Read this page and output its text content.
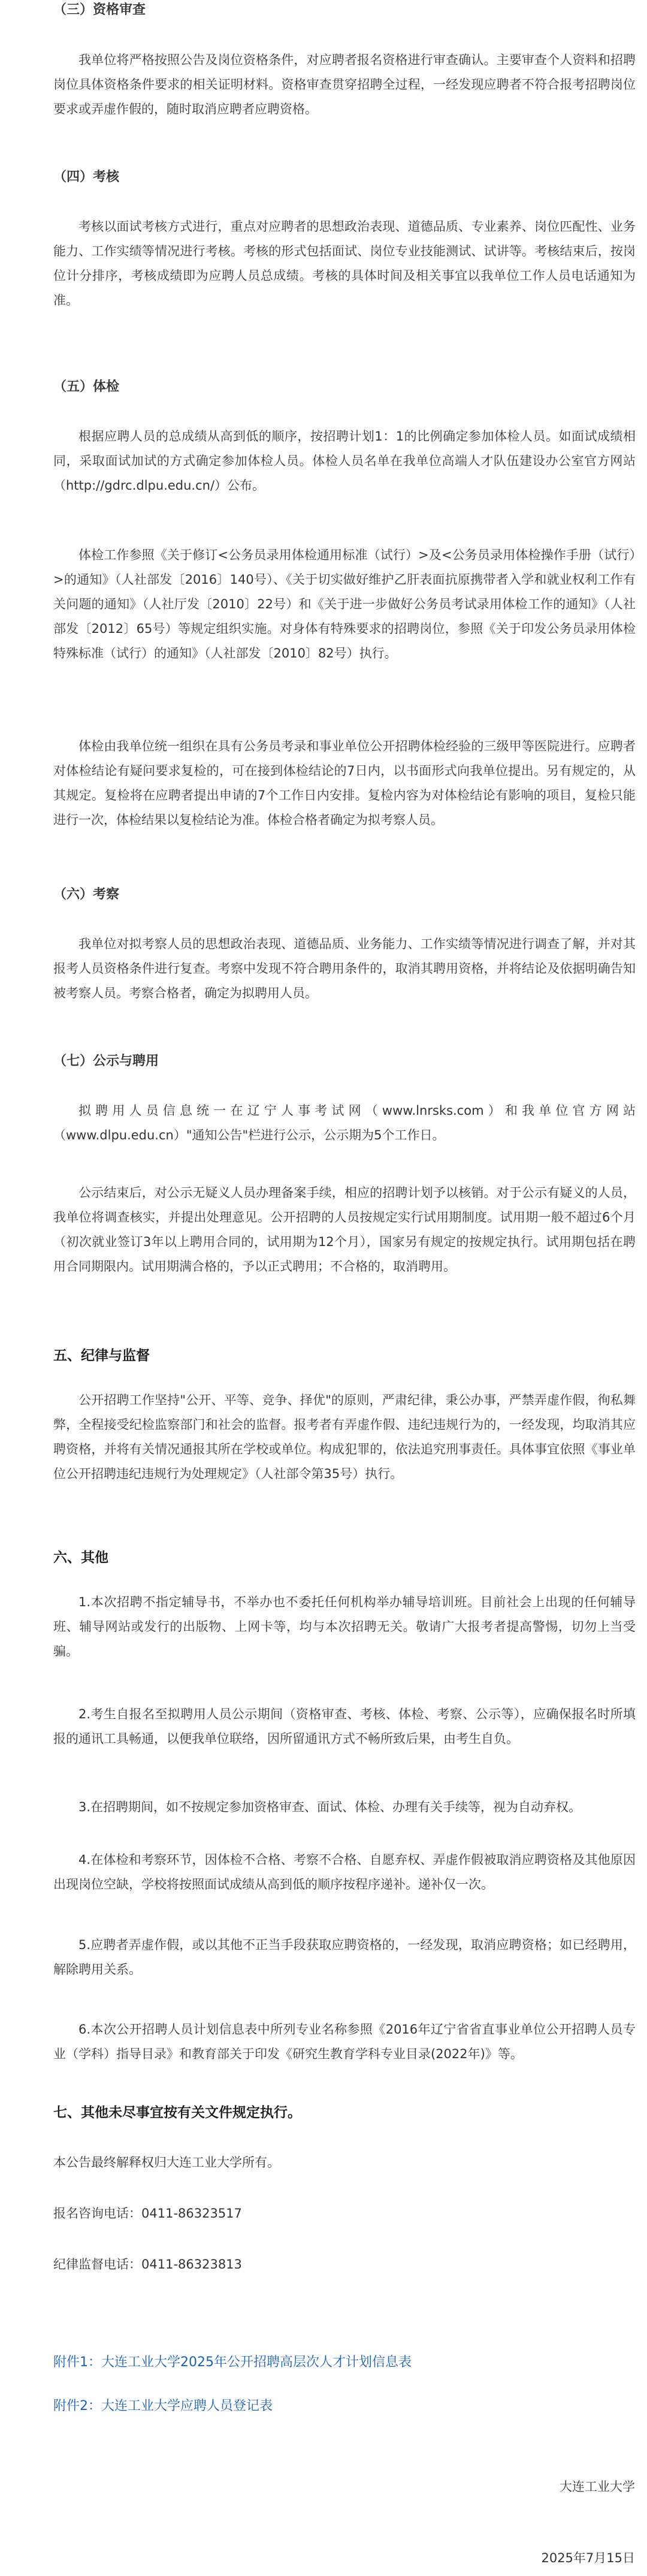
（三）资格审查

我单位将严格按照公告及岗位资格条件，对应聘者报名资格进行审查确认。主要审查个人资料和招聘岗位具体资格条件要求的相关证明材料。资格审查贯穿招聘全过程，一经发现应聘者不符合报考招聘岗位要求或弄虚作假的，随时取消应聘者应聘资格。

（四）考核

考核以面试考核方式进行，重点对应聘者的思想政治表现、道德品质、专业素养、岗位匹配性、业务能力、工作实绩等情况进行考核。考核的形式包括面试、岗位专业技能测试、试讲等。考核结束后，按岗位计分排序，考核成绩即为应聘人员总成绩。考核的具体时间及相关事宜以我单位工作人员电话通知为准。

（五）体检

根据应聘人员的总成绩从高到低的顺序，按招聘计划1：1的比例确定参加体检人员。如面试成绩相同，采取面试加试的方式确定参加体检人员。体检人员名单在我单位高端人才队伍建设办公室官方网站（http://gdrc.dlpu.edu.cn/）公布。

体检工作参照《关于修订<公务员录用体检通用标准（试行）>及<公务员录用体检操作手册（试行）>的通知》（人社部发〔2016〕140号）、《关于切实做好维护乙肝表面抗原携带者入学和就业权利工作有关问题的通知》（人社厅发〔2010〕22号）和《关于进一步做好公务员考试录用体检工作的通知》（人社部发〔2012〕65号）等规定组织实施。对身体有特殊要求的招聘岗位，参照《关于印发公务员录用体检特殊标准（试行）的通知》（人社部发〔2010〕82号）执行。

体检由我单位统一组织在具有公务员考录和事业单位公开招聘体检经验的三级甲等医院进行。应聘者对体检结论有疑问要求复检的，可在接到体检结论的7日内，以书面形式向我单位提出。另有规定的，从其规定。复检将在应聘者提出申请的7个工作日内安排。复检内容为对体检结论有影响的项目，复检只能进行一次，体检结果以复检结论为准。体检合格者确定为拟考察人员。

（六）考察

我单位对拟考察人员的思想政治表现、道德品质、业务能力、工作实绩等情况进行调查了解，并对其报考人员资格条件进行复查。考察中发现不符合聘用条件的，取消其聘用资格，并将结论及依据明确告知被考察人员。考察合格者，确定为拟聘用人员。

（七）公示与聘用

拟聘用人员信息统一在辽宁人事考试网（www.lnrsks.com）和我单位官方网站（www.dlpu.edu.cn）"通知公告"栏进行公示，公示期为5个工作日。

公示结束后，对公示无疑义人员办理备案手续，相应的招聘计划予以核销。对于公示有疑义的人员，我单位将调查核实，并提出处理意见。公开招聘的人员按规定实行试用期制度。试用期一般不超过6个月（初次就业签订3年以上聘用合同的，试用期为12个月），国家另有规定的按规定执行。试用期包括在聘用合同期限内。试用期满合格的，予以正式聘用；不合格的，取消聘用。

五、纪律与监督

公开招聘工作坚持"公开、平等、竞争、择优"的原则，严肃纪律，秉公办事，严禁弄虚作假，徇私舞弊，全程接受纪检监察部门和社会的监督。报考者有弄虚作假、违纪违规行为的，一经发现，均取消其应聘资格，并将有关情况通报其所在学校或单位。构成犯罪的，依法追究刑事责任。具体事宜依照《事业单位公开招聘违纪违规行为处理规定》（人社部令第35号）执行。

六、其他

1.本次招聘不指定辅导书，不举办也不委托任何机构举办辅导培训班。目前社会上出现的任何辅导班、辅导网站或发行的出版物、上网卡等，均与本次招聘无关。敬请广大报考者提高警惕，切勿上当受骗。

2.考生自报名至拟聘用人员公示期间（资格审查、考核、体检、考察、公示等），应确保报名时所填报的通讯工具畅通，以便我单位联络，因所留通讯方式不畅所致后果，由考生自负。

3.在招聘期间，如不按规定参加资格审查、面试、体检、办理有关手续等，视为自动弃权。

4.在体检和考察环节，因体检不合格、考察不合格、自愿弃权、弄虚作假被取消应聘资格及其他原因出现岗位空缺，学校将按照面试成绩从高到低的顺序按程序递补。递补仅一次。

5.应聘者弄虚作假，或以其他不正当手段获取应聘资格的，一经发现，取消应聘资格；如已经聘用，解除聘用关系。

6.本次公开招聘人员计划信息表中所列专业名称参照《2016年辽宁省省直事业单位公开招聘人员专业（学科）指导目录》和教育部关于印发《研究生教育学科专业目录(2022年)》等。

七、其他未尽事宜按有关文件规定执行。
本公告最终解释权归大连工业大学所有。
报名咨询电话：0411-86323517
纪律监督电话：0411-86323813
附件1：大连工业大学2025年公开招聘高层次人才计划信息表
附件2：大连工业大学应聘人员登记表
大连工业大学
2025年7月15日
